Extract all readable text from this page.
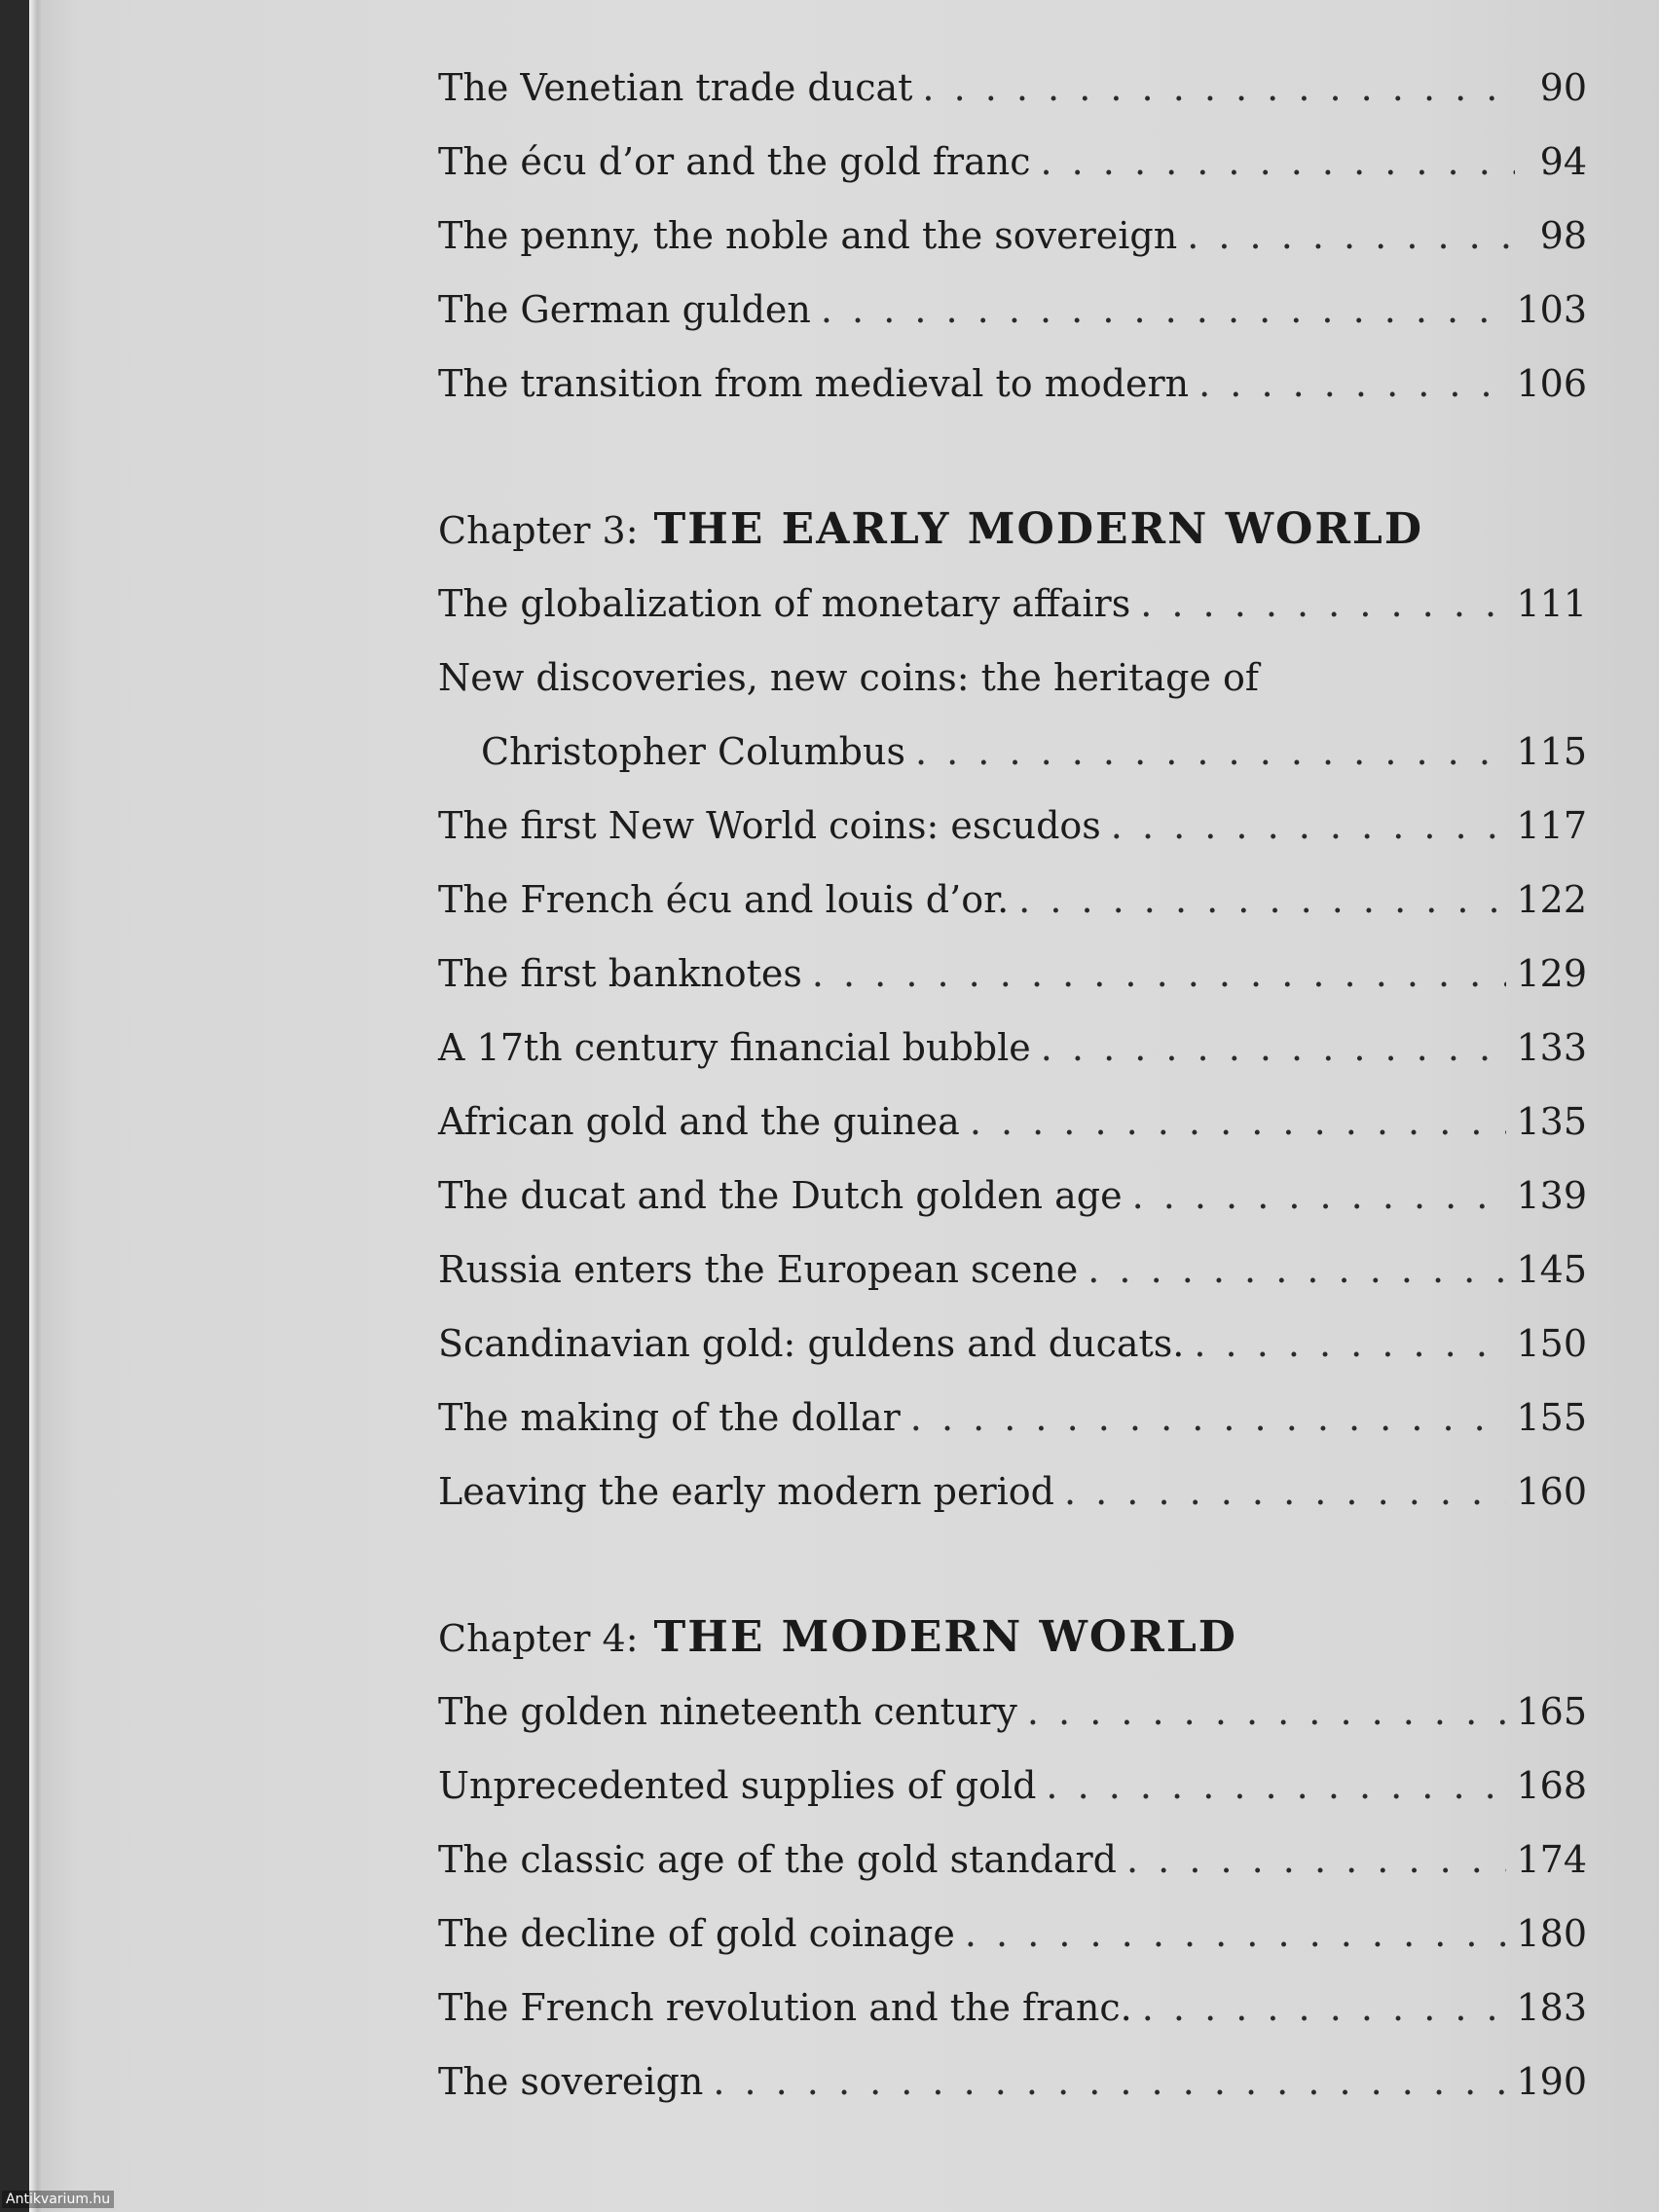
The Venetian trade ducat . . .	90
The écu d’or and the gold franc . . .	94
The penny, the noble and the sovereign . . .	98
The German gulden . . .	103
The transition from medieval to modern . . .	106
Chapter 3: THE EARLY MODERN WORLD
The globalization of monetary affairs . . .	111
New discoveries, new coins: the heritage of
Christopher Columbus . . .	115
The first New World coins: escudos . . .	117
The French écu and louis d’or. . . .	122
The first banknotes . . .	129
A 17th century financial bubble . . .	133
African gold and the guinea . . .	135
The ducat and the Dutch golden age . . .	139
Russia enters the European scene . . .	145
Scandinavian gold: guldens and ducats. . . .	150
The making of the dollar . . .	155
Leaving the early modern period . . .	160
Chapter 4: THE MODERN WORLD
The golden nineteenth century . . .	165
Unprecedented supplies of gold . . .	168
The classic age of the gold standard . . .	174
The decline of gold coinage . . .	180
The French revolution and the franc. . . .	183
The sovereign . . .	190
Antikvarium.hu
